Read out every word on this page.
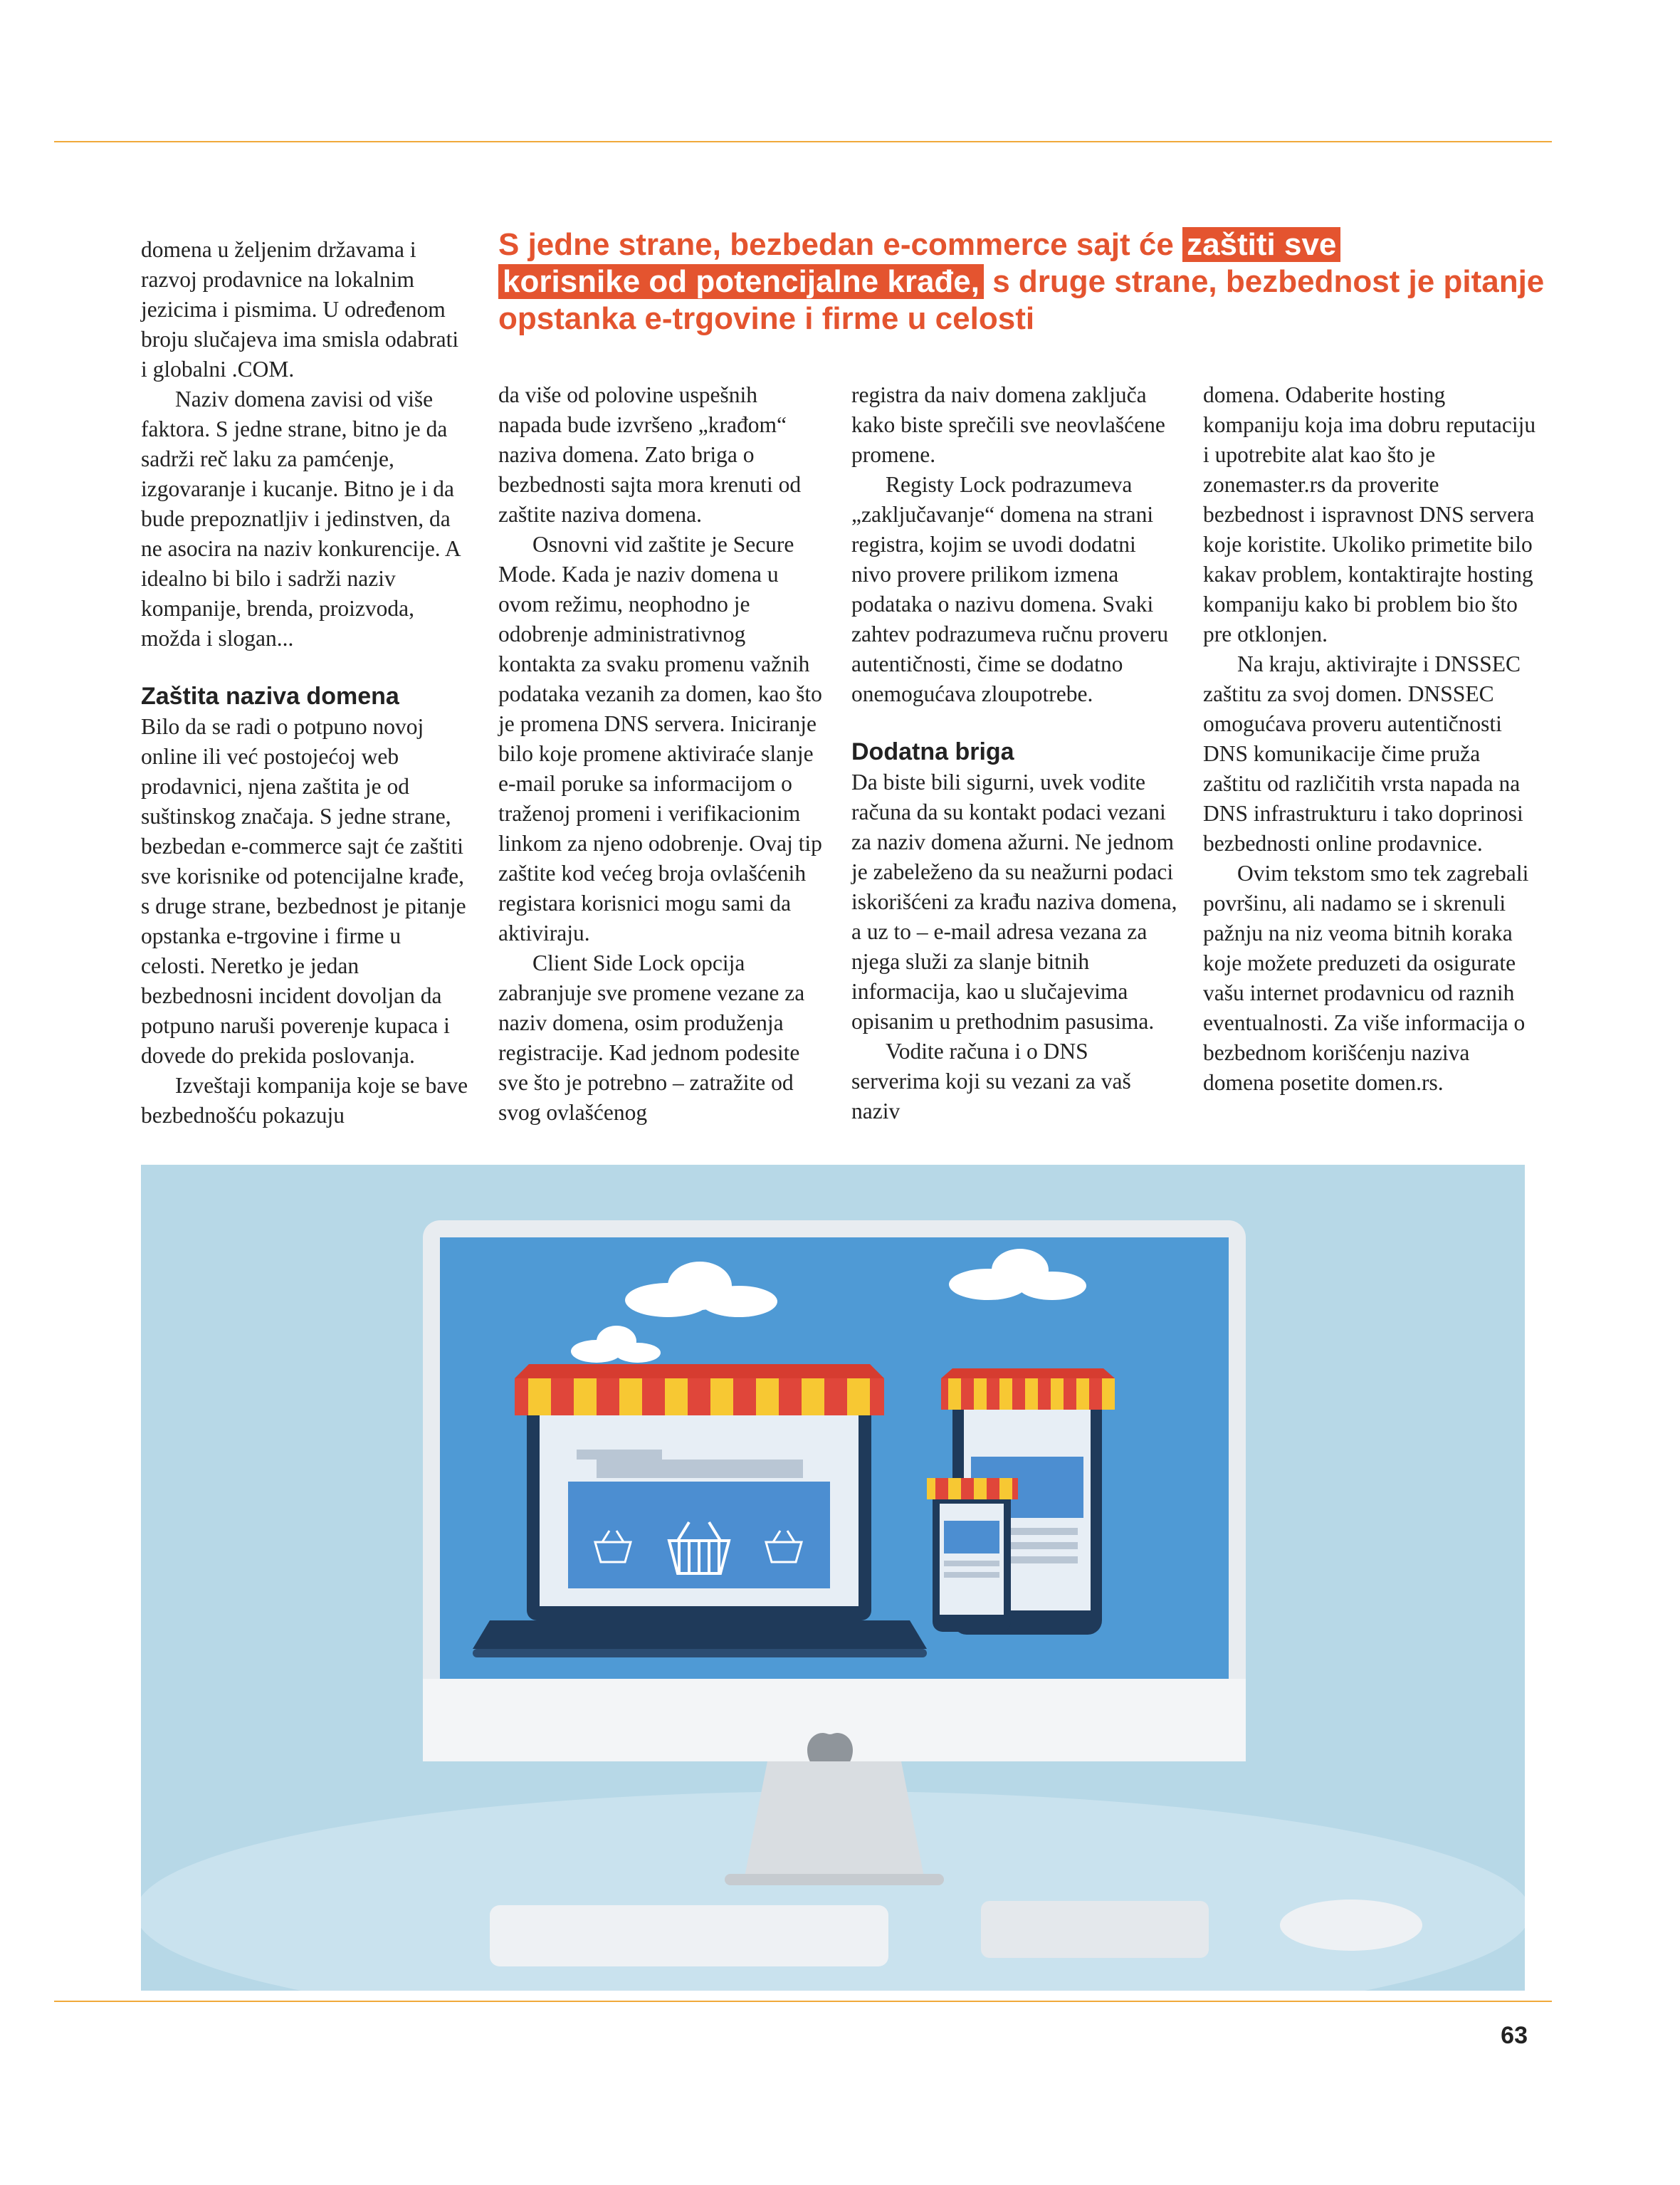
S jedne strane, bezbedan e-commerce sajt će zaštiti sve
korisnike od potencijalne krađe, s druge strane, bezbednost je pitanje opstanka e-trgovine i firme u celosti

domena u željenim državama i razvoj prodavnice na lokalnim jezicima i pismima. U određenom broju slučajeva ima smisla odabrati i globalni .COM.

Naziv domena zavisi od više faktora. S jedne strane, bitno je da sadrži reč laku za pamćenje, izgovaranje i kucanje. Bitno je i da bude prepoznatljiv i jedinstven, da ne asocira na naziv konkurencije. A idealno bi bilo i sadrži naziv kompanije, brenda, proizvoda, možda i slogan...

Zaštita naziva domena

Bilo da se radi o potpuno novoj online ili već postojećoj web prodavnici, njena zaštita je od suštinskog značaja. S jedne strane, bezbedan e-commerce sajt će zaštiti sve korisnike od potencijalne krađe, s druge strane, bezbednost je pitanje opstanka e-trgovine i firme u celosti. Neretko je jedan bezbednosni incident dovoljan da potpuno naruši poverenje kupaca i dovede do prekida poslovanja.

Izveštaji kompanija koje se bave bezbednošću pokazuju

da više od polovine uspešnih napada bude izvršeno „krađom“ naziva domena. Zato briga o bezbednosti sajta mora krenuti od zaštite naziva domena.

Osnovni vid zaštite je Secure Mode. Kada je naziv domena u ovom režimu, neophodno je odobrenje administrativnog kontakta za svaku promenu važnih podataka vezanih za domen, kao što je promena DNS servera. Iniciranje bilo koje promene aktiviraće slanje e-mail poruke sa informacijom o traženoj promeni i verifikacionim linkom za njeno odobrenje. Ovaj tip zaštite kod većeg broja ovlašćenih registara korisnici mogu sami da aktiviraju.

Client Side Lock opcija zabranjuje sve promene vezane za naziv domena, osim produženja registracije. Kad jednom podesite sve što je potrebno – zatražite od svog ovlašćenog

registra da naiv domena zaključa kako biste sprečili sve neovlašćene promene.

Registy Lock podrazumeva „zaključavanje“ domena na strani registra, kojim se uvodi dodatni nivo provere prilikom izmena podataka o nazivu domena. Svaki zahtev podrazumeva ručnu proveru autentičnosti, čime se dodatno onemogućava zloupotrebe.

Dodatna briga

Da biste bili sigurni, uvek vodite računa da su kontakt podaci vezani za naziv domena ažurni. Ne jednom je zabeleženo da su neažurni podaci iskorišćeni za krađu naziva domena, a uz to – e-mail adresa vezana za njega služi za slanje bitnih informacija, kao u slučajevima opisanim u prethodnim pasusima.

Vodite računa i o DNS serverima koji su vezani za vaš naziv

domena. Odaberite hosting kompaniju koja ima dobru reputaciju i upotrebite alat kao što je zonemaster.rs da proverite bezbednost i ispravnost DNS servera koje koristite. Ukoliko primetite bilo kakav problem, kontaktirajte hosting kompaniju kako bi problem bio što pre otklonjen.

Na kraju, aktivirajte i DNSSEC zaštitu za svoj domen. DNSSEC omogućava proveru autentičnosti DNS komunikacije čime pruža zaštitu od različitih vrsta napada na DNS infrastrukturu i tako doprinosi bezbednosti online prodavnice.

Ovim tekstom smo tek zagrebali površinu, ali nadamo se i skrenuli pažnju na niz veoma bitnih koraka koje možete preduzeti da osigurate vašu internet prodavnicu od raznih eventualnosti. Za više informacija o bezbednom korišćenju naziva domena posetite domen.rs.

63
